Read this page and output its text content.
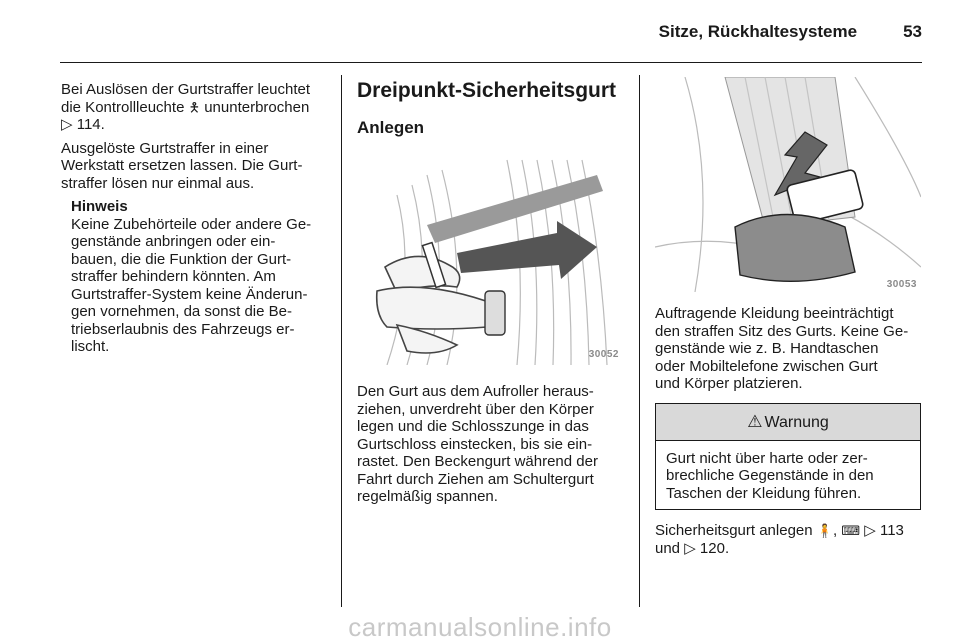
Sitze, Rückhaltesysteme	53

Bei Auslösen der Gurtstraffer leuchtet
die Kontrollleuchte 🯅 ununterbrochen
▷ 114.

Ausgelöste Gurtstraffer in einer
Werkstatt ersetzen lassen. Die Gurt-
straffer lösen nur einmal aus.

Hinweis
Keine Zubehörteile oder andere Ge-
genstände anbringen oder ein-
bauen, die die Funktion der Gurt-
straffer behindern könnten. Am
Gurtstraffer-System keine Änderun-
gen vornehmen, da sonst die Be-
triebserlaubnis des Fahrzeugs er-
lischt.
Dreipunkt-Sicherheitsgurt
Anlegen
30052
Den Gurt aus dem Aufroller heraus-
ziehen, unverdreht über den Körper
legen und die Schlosszunge in das
Gurtschloss einstecken, bis sie ein-
rastet. Den Beckengurt während der
Fahrt durch Ziehen am Schultergurt
regelmäßig spannen.
30053
Auftragende Kleidung beeinträchtigt
den straffen Sitz des Gurts. Keine Ge-
genstände wie z. B. Handtaschen
oder Mobiltelefone zwischen Gurt
und Körper platzieren.
⚠ Warnung
Gurt nicht über harte oder zer-
brechliche Gegenstände in den
Taschen der Kleidung führen.
Sicherheitsgurt anlegen 🧍, ⌨ ▷ 113
und ▷ 120.
carmanualsonline.info
